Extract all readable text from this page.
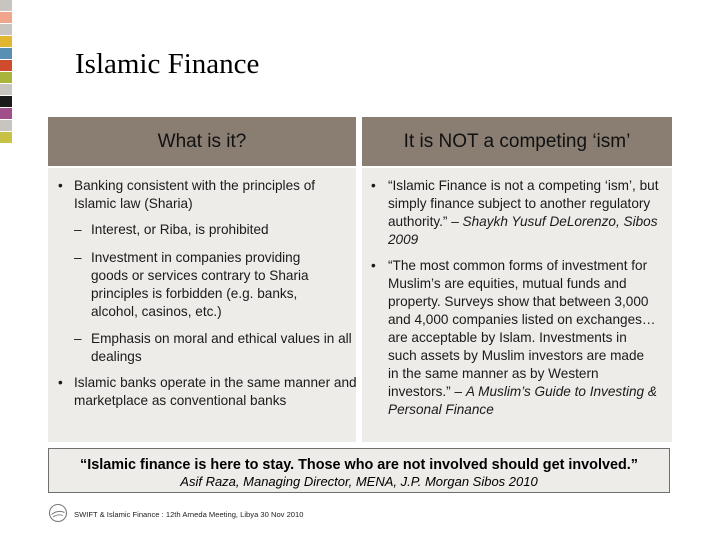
Islamic Finance
What is it?	It is NOT a competing ‘ism’
• Banking consistent with the principles of Islamic law (Sharia)
– Interest, or Riba, is prohibited
– Investment in companies providing goods or services contrary to Sharia principles is forbidden (e.g. banks, alcohol, casinos, etc.)
– Emphasis on moral and ethical values in all dealings
• Islamic banks operate in the same manner and marketplace as conventional banks
• “Islamic Finance is not a competing ‘ism’, but simply finance subject to another regulatory authority.” – Shaykh Yusuf DeLorenzo, Sibos 2009
• “The most common forms of investment for Muslim’s are equities, mutual funds and property. Surveys show that between 3,000 and 4,000 companies listed on exchanges…are acceptable by Islam. Investments in such assets by Muslim investors are made in the same manner as by Western investors.” – A Muslim’s Guide to Investing & Personal Finance
“Islamic finance is here to stay. Those who are not involved should get involved.”
Asif Raza, Managing Director, MENA, J.P. Morgan Sibos 2010
SWIFT & Islamic Finance : 12th Arneda Meeting, Libya 30 Nov 2010
